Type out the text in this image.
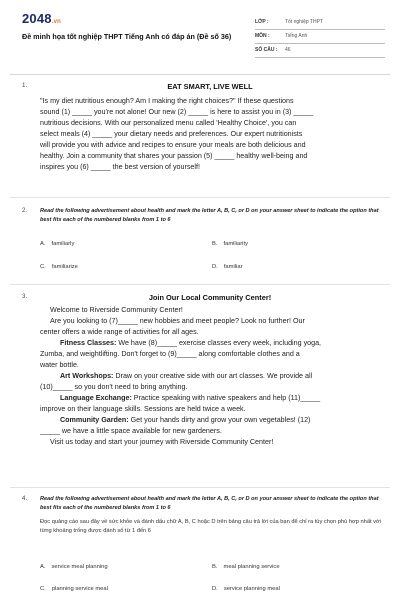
2048.vn
Đề minh họa tốt nghiệp THPT Tiếng Anh có đáp án (Đề số 36)
LỚP :	Tốt nghiệp THPT
MÔN :	Tiếng Anh
SỐ CÂU : 46
1.	EAT SMART, LIVE WELL
"Is my diet nutritious enough? Am I making the right choices?" If these questions
sound (1) _____ you're not alone! Our new (2) _____ is here to assist you in (3) _____
nutritious decisions. With our personalized menu called 'Healthy Choice', you can
select meals (4) _____ your dietary needs and preferences. Our expert nutritionists
will provide you with advice and recipes to ensure your meals are both delicious and
healthy. Join a community that shares your passion (5) _____ healthy well-being and
inspires you (6) _____ the best version of yourself!
2. Read the following advertisement about health and mark the letter A, B, C, or D on your answer sheet to indicate the option that best fits each of the numbered blanks from 1 to 6
A. familiarly	B. familiarity
C. familiarize	D. familiar
3.	Join Our Local Community Center!
Welcome to Riverside Community Center!
Are you looking to (7)_____ new hobbies and meet people? Look no further! Our
center offers a wide range of activities for all ages.
Fitness Classes: We have (8)_____ exercise classes every week, including yoga,
Zumba, and weightlifting. Don't forget to (9)_____ along comfortable clothes and a
water bottle.
Art Workshops: Draw on your creative side with our art classes. We provide all
(10)_____ so you don't need to bring anything.
Language Exchange: Practice speaking with native speakers and help (11)_____
improve on their language skills. Sessions are held twice a week.
Community Garden: Get your hands dirty and grow your own vegetables! (12)
_____ we have a little space available for new gardeners.
Visit us today and start your journey with Riverside Community Center!
4. Read the following advertisement about health and mark the letter A, B, C, or D on your answer sheet to indicate the option that best fits each of the numbered blanks from 1 to 6
Đọc quảng cáo sau đây về sức khỏe và đánh dấu chữ A, B, C hoặc D trên bảng câu trả lời của bạn để chỉ ra tùy chọn phù hợp nhất với từng khoảng trống được đánh số từ 1 đến 6
A. service meal planning	B. meal planning service
C. planning service meal	D. service planning meal
